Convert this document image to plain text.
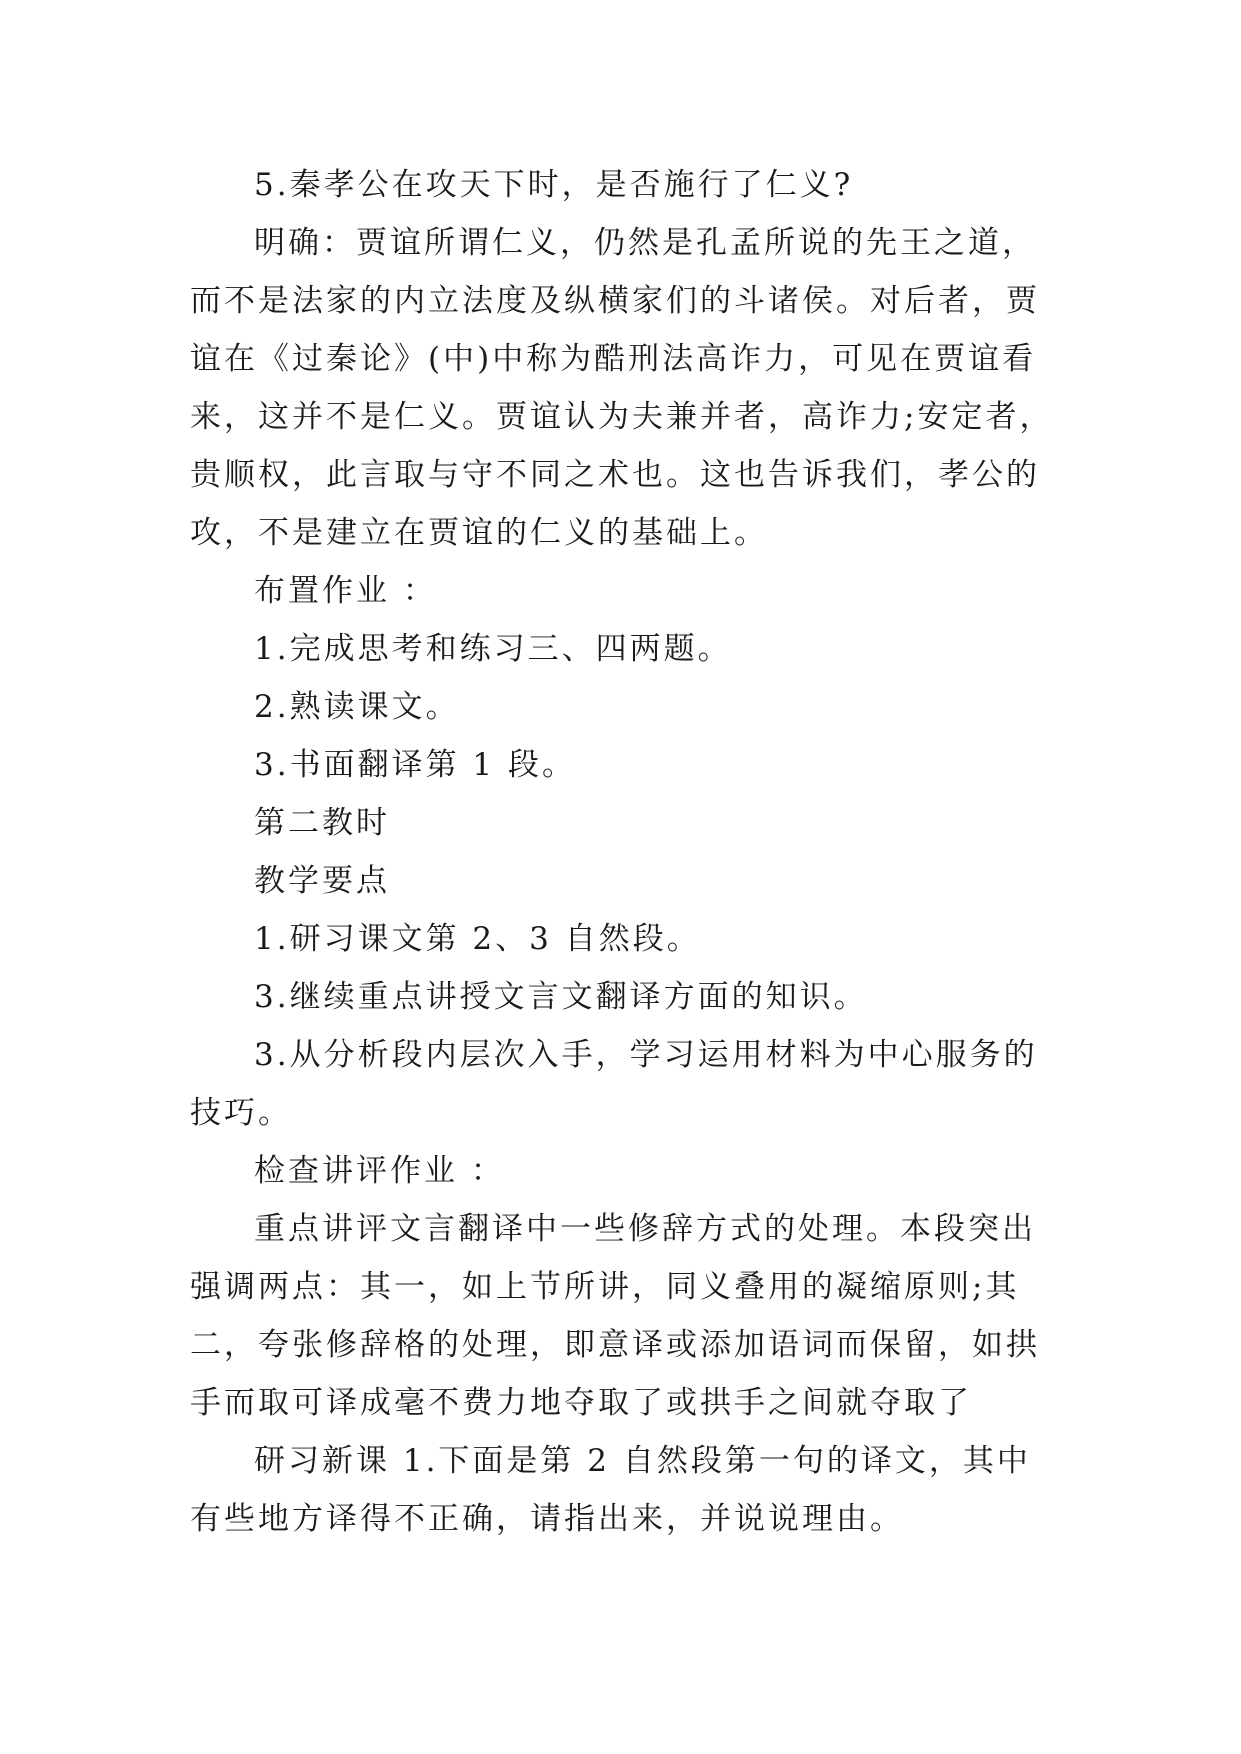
5.秦孝公在攻天下时，是否施行了仁义?

明确：贾谊所谓仁义，仍然是孔孟所说的先王之道，而不是法家的内立法度及纵横家们的斗诸侯。对后者，贾谊在《过秦论》(中)中称为酷刑法高诈力，可见在贾谊看来，这并不是仁义。贾谊认为夫兼并者，高诈力;安定者，贵顺权，此言取与守不同之术也。这也告诉我们，孝公的攻，不是建立在贾谊的仁义的基础上。

布置作业 ：

1.完成思考和练习三、四两题。

2.熟读课文。

3.书面翻译第 1 段。

第二教时

教学要点

1.研习课文第 2、3 自然段。

3.继续重点讲授文言文翻译方面的知识。

3.从分析段内层次入手，学习运用材料为中心服务的技巧。

检查讲评作业 ：

重点讲评文言翻译中一些修辞方式的处理。本段突出强调两点：其一，如上节所讲，同义叠用的凝缩原则;其二，夸张修辞格的处理，即意译或添加语词而保留，如拱手而取可译成毫不费力地夺取了或拱手之间就夺取了

研习新课 1.下面是第 2 自然段第一句的译文，其中有些地方译得不正确，请指出来，并说说理由。
